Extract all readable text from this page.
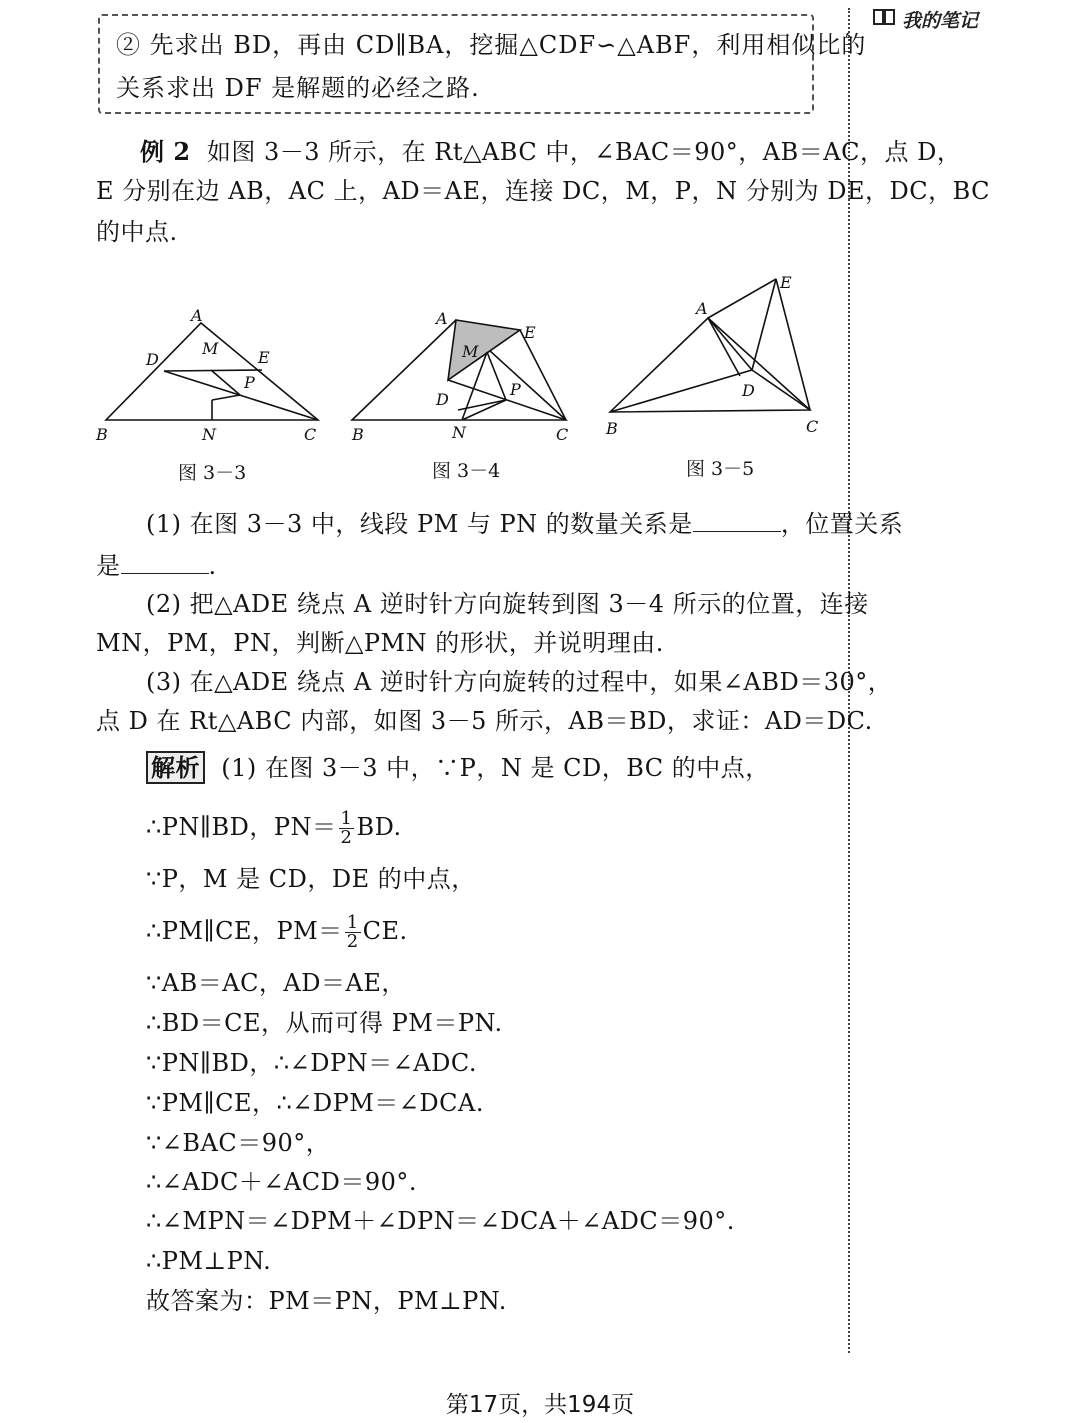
我的笔记
② 先求出 BD，再由 CD∥BA，挖掘△CDF∽△ABF，利用相似比的
关系求出 DF 是解题的必经之路.
例 2 如图 3－3 所示，在 Rt△ABC 中，∠BAC＝90°，AB＝AC，点 D，
E 分别在边 AB，AC 上，AD＝AE，连接 DC，M，P，N 分别为 DE，DC，BC
的中点.
A
B	C
D	E
M
N
P
A
B	C
D
E
M
N
P
A
B	C
D
E
图 3－3	图 3－4	图 3－5
(1) 在图 3－3 中，线段 PM 与 PN 的数量关系是	，位置关系
是	.
(2) 把△ADE 绕点 A 逆时针方向旋转到图 3－4 所示的位置，连接
MN，PM，PN，判断△PMN 的形状，并说明理由.
(3) 在△ADE 绕点 A 逆时针方向旋转的过程中，如果∠ABD＝30°，
点 D 在 Rt△ABC 内部，如图 3－5 所示，AB＝BD，求证：AD＝DC.
解析 (1) 在图 3－3 中，∵P，N 是 CD，BC 的中点，
∴PN∥BD，$PN= \frac{1}{2}$ BD.
∵P，M 是 CD，DE 的中点，
∴PM∥CE，$PM= \frac{1}{2}$ CE.
∵AB＝AC，AD＝AE，
∴BD＝CE，从而可得 PM＝PN.
∵PN∥BD，∴∠DPN＝∠ADC.
∵PM∥CE，∴∠DPM＝∠DCA.
∵∠BAC＝90°，
∴∠ADC＋∠ACD＝90°.
∴∠MPN＝∠DPM＋∠DPN＝∠DCA＋∠ADC＝90°.
∴PM⊥PN.
故答案为：PM＝PN，PM⊥PN.
第17页，共194页
